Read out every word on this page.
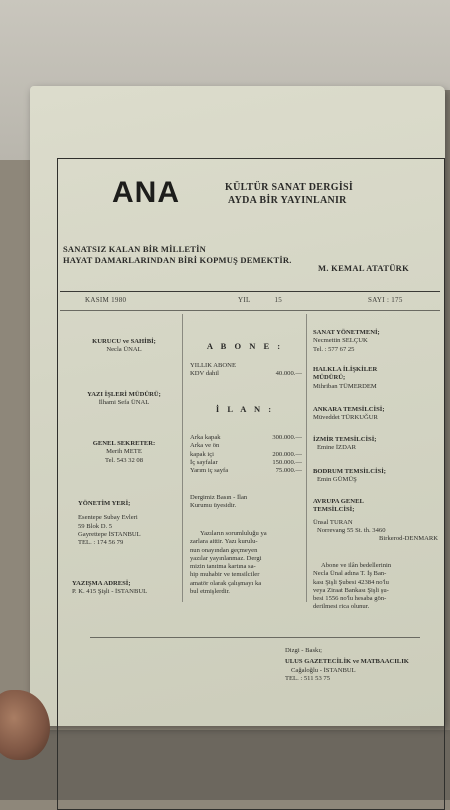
ANA	KÜLTÜR SANAT DERGİSİ
AYDA BİR YAYINLANIR
SANATSIZ KALAN BİR MİLLETİN
HAYAT DAMARLARINDAN BİRİ KOPMUŞ DEMEKTİR.
M. KEMAL ATATÜRK
KASIM 1980	YIL	15	SAYI : 175
KURUCU ve SAHİBİ;
Necla ÜNAL
YAZI İŞLERİ MÜDÜRÜ;
İlhami Sefa ÜNAL
GENEL SEKRETER:
Merih METE
Tel. 543 32 08
YÖNETİM YERİ;
Esentepe Subay Evleri
59 Blok D. 5
Gayrettepe İSTANBUL
TEL. : 174 56 79
YAZIŞMA ADRESİ;
P. K. 415 Şişli - İSTANBUL
A B O N E :
YILLIK ABONE
KDV dahil	40.000.—
İ L A N :
Arka kapak	300.000.—
Arka ve ön
kapak içi	200.000.—
İç sayfalar	150.000.—
Yarım iç sayfa	75.000.—
Dergimiz Basın - İlan
Kurumu üyesidir.
Yazıların sorumluluğu ya
zarlara aittir. Yazı kurulu-
nun onayından geçmeyen
yazılar yayınlanmaz. Dergi
mizin tanıtma kartına sa-
hip muhabir ve temsilciler
amatör olarak çalışmayı ka
bul etmişlerdir.
SANAT YÖNETMENİ;
Necmettin SELÇUK
Tel. : 577 67 25
HALKLA İLİŞKİLER
MÜDÜRÜ;
Mihriban TÜMERDEM
ANKARA TEMSİLCİSİ;
Müveddet TÜRKUĞUR
İZMİR TEMSİLCİSİ;
Emine İZDAR
BODRUM TEMSİLCİSİ;
Emin GÜMÜŞ
AVRUPA GENEL
TEMSİLCİSİ;
Ünsal TURAN
Norrevang 55 St. th. 3460
Birkerod-DENMARK
Abone ve ilân bedellerinin
Necla Ünal adına T. İş Ban-
kası Şişli Şubesi 42384 no'lu
veya Ziraat Bankası Şişli şu-
besi 1556 no'lu hesaba gön-
derilmesi rica olunur.
Dizgi - Baskı;
ULUS GAZETECİLİK ve MATBAACILIK
Cağaloğlu - İSTANBUL
TEL. : 511 53 75
